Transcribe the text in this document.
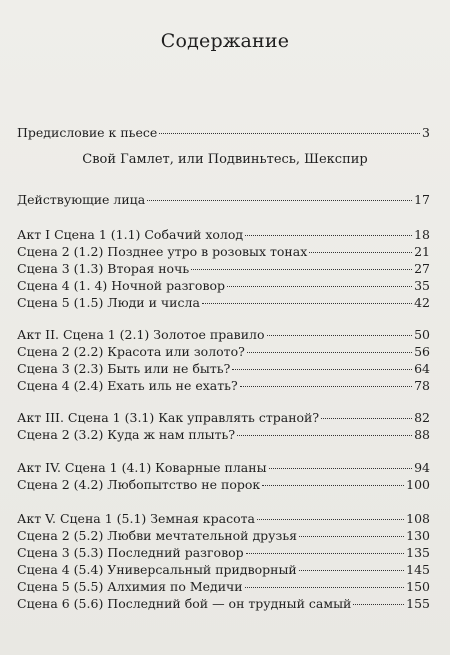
Содержание
Свой Гамлет, или Подвиньтесь, Шекспир
Предисловие к пьесе	3
Действующие лица	17
Акт I Сцена 1 (1.1) Собачий холод	18
Сцена 2 (1.2) Позднее утро в розовых тонах	21
Сцена 3 (1.3) Вторая ночь	27
Сцена 4 (1. 4) Ночной разговор	35
Сцена 5 (1.5) Люди и числа	42
Акт II. Сцена 1 (2.1) Золотое правило	50
Сцена 2 (2.2) Красота или золото?	56
Сцена 3 (2.3) Быть или не быть?	64
Сцена 4 (2.4) Ехать иль не ехать?	78
Акт III. Сцена 1 (3.1) Как управлять страной?	82
Сцена 2 (3.2) Куда ж нам плыть?	88
Акт IV. Сцена 1 (4.1) Коварные планы	94
Сцена 2 (4.2) Любопытство не порок	100
Акт V. Сцена 1 (5.1) Земная красота	108
Сцена 2 (5.2) Любви мечтательной друзья	130
Сцена 3 (5.3) Последний разговор	135
Сцена 4 (5.4) Универсальный придворный	145
Сцена 5 (5.5) Алхимия по Медичи	150
Сцена 6 (5.6) Последний бой — он трудный самый	155
